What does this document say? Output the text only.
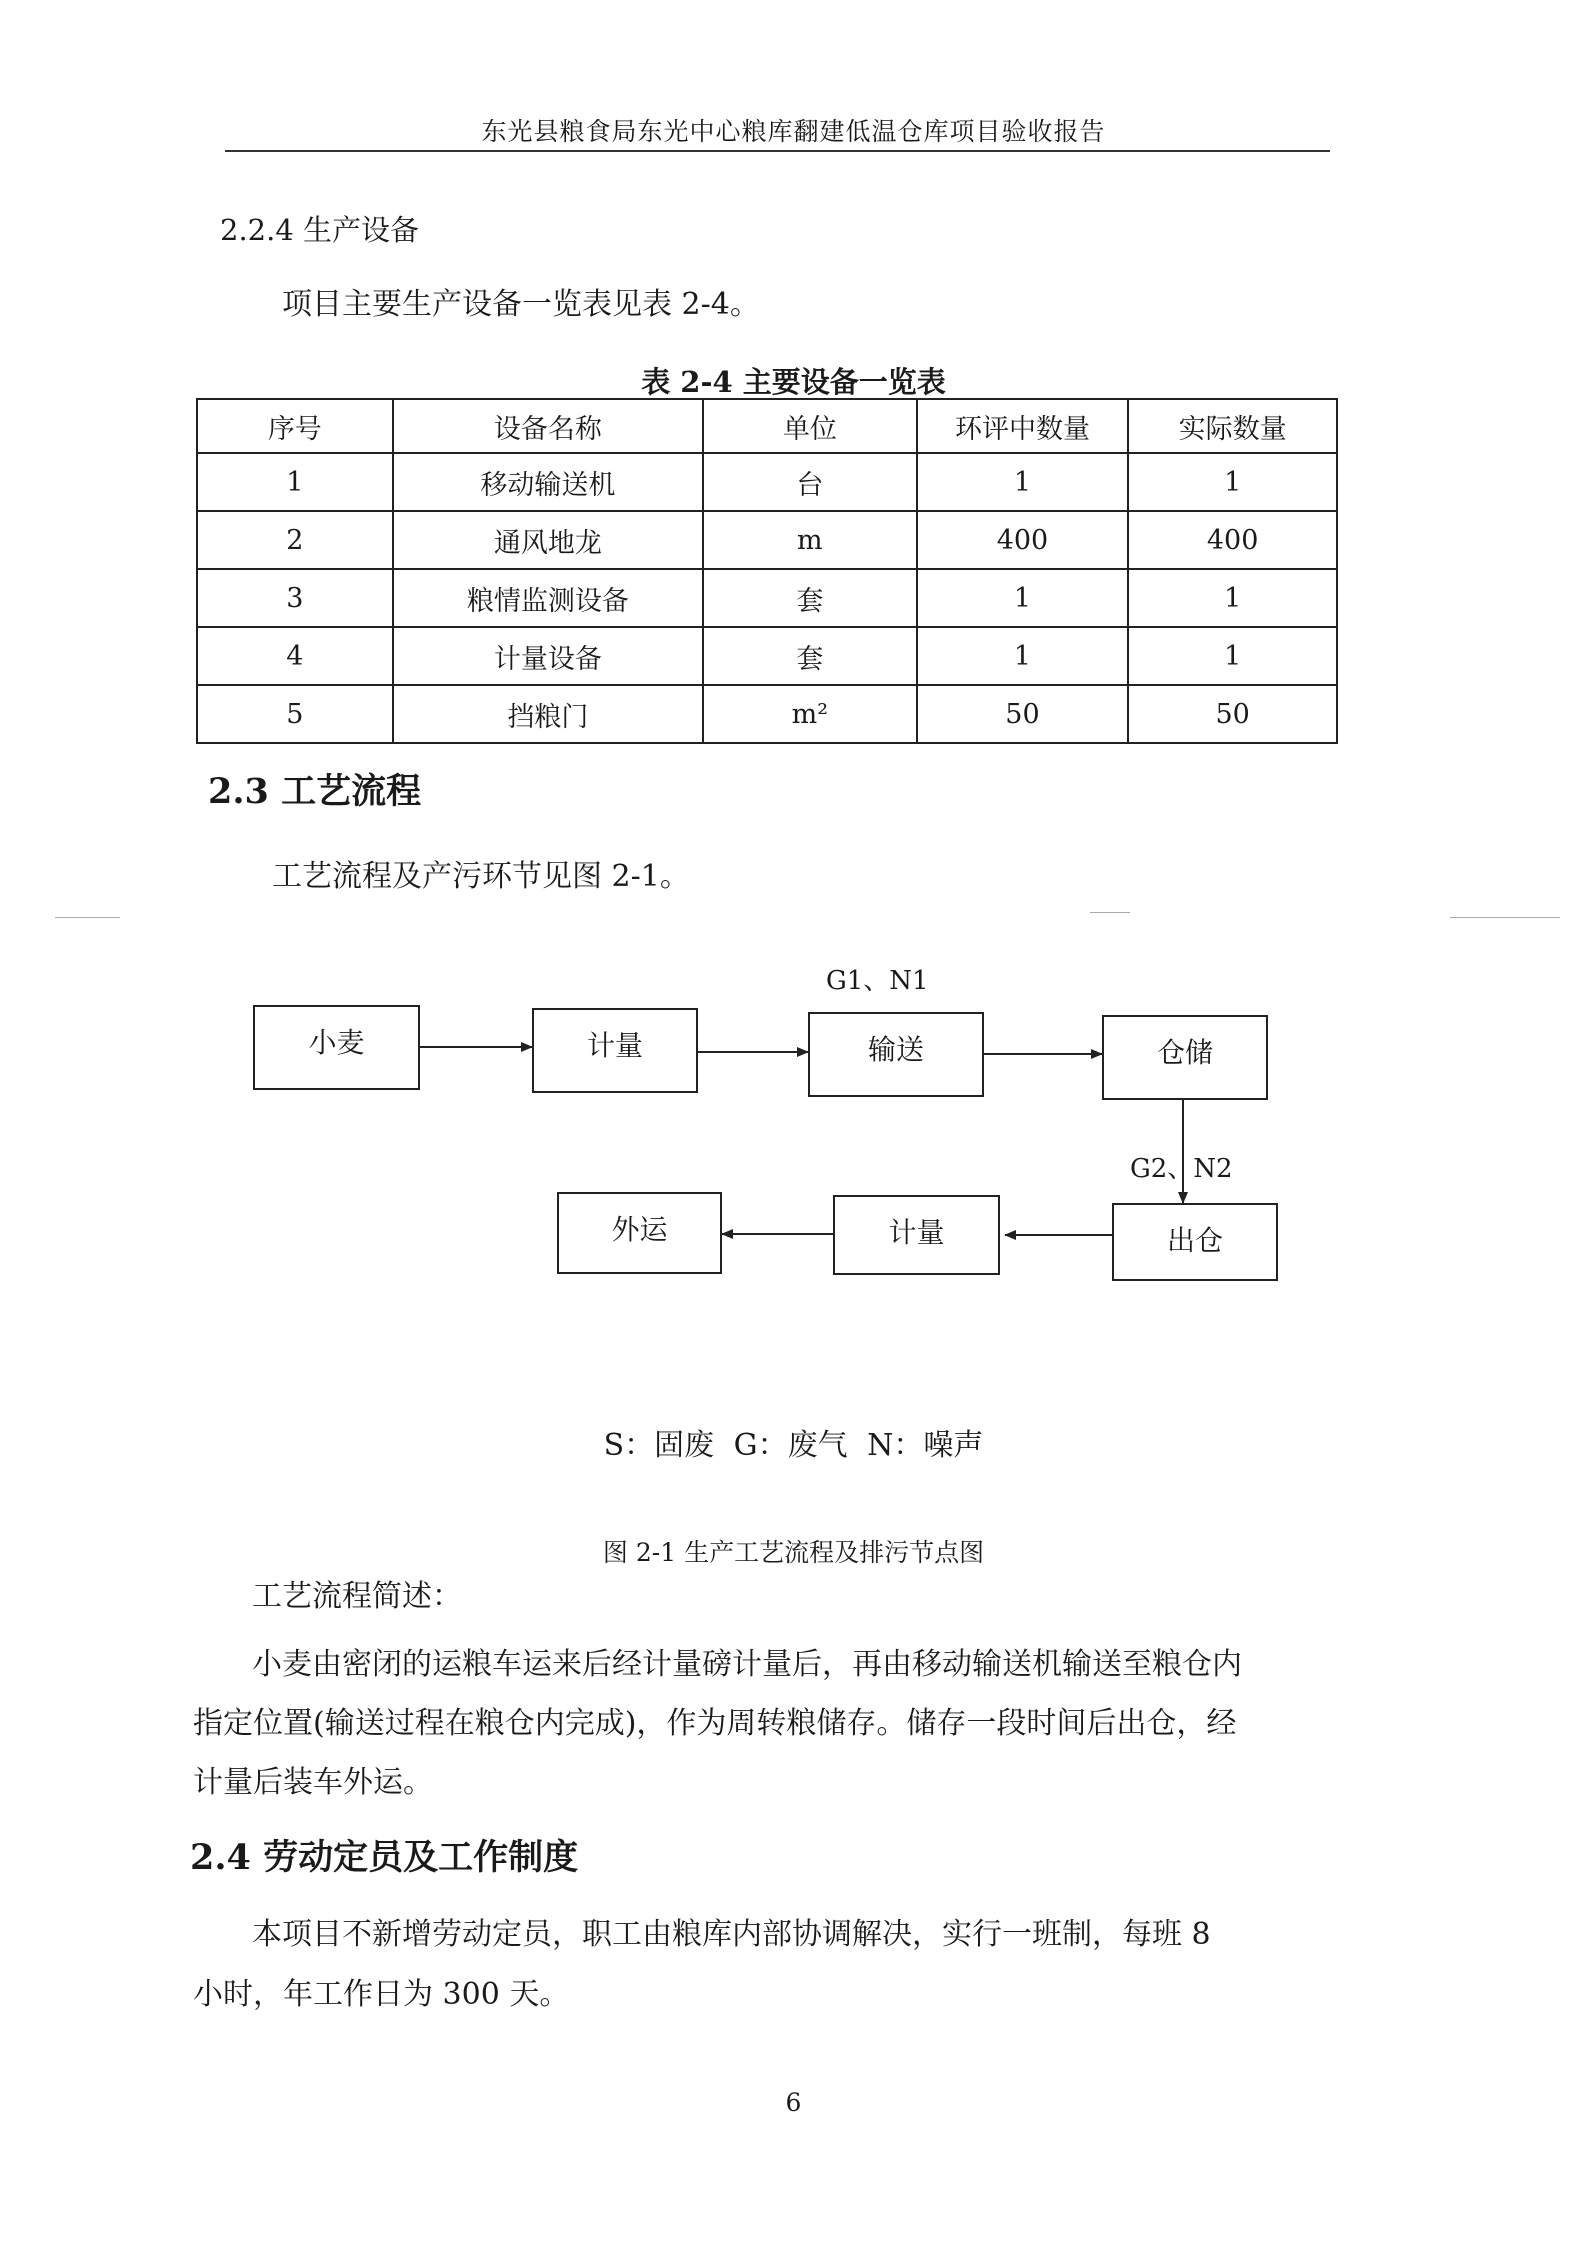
东光县粮食局东光中心粮库翻建低温仓库项目验收报告
2.2.4 生产设备
项目主要生产设备一览表见表 2-4。
表 2-4 主要设备一览表
序号	设备名称	单位	环评中数量	实际数量
1	移动输送机	台	1	1
2	通风地龙	m	400	400
3	粮情监测设备	套	1	1
4	计量设备	套	1	1
5	挡粮门	m²	50	50
2.3 工艺流程
工艺流程及产污环节见图 2-1。
小麦	计量	输送	仓储
出仓
计量
外运
G1、N1
G2、N2
S：固废 G：废气 N：噪声
图 2-1 生产工艺流程及排污节点图
工艺流程简述：
小麦由密闭的运粮车运来后经计量磅计量后，再由移动输送机输送至粮仓内
指定位置(输送过程在粮仓内完成)，作为周转粮储存。储存一段时间后出仓，经
计量后装车外运。
2.4 劳动定员及工作制度
本项目不新增劳动定员，职工由粮库内部协调解决，实行一班制，每班 8
小时，年工作日为 300 天。
6
